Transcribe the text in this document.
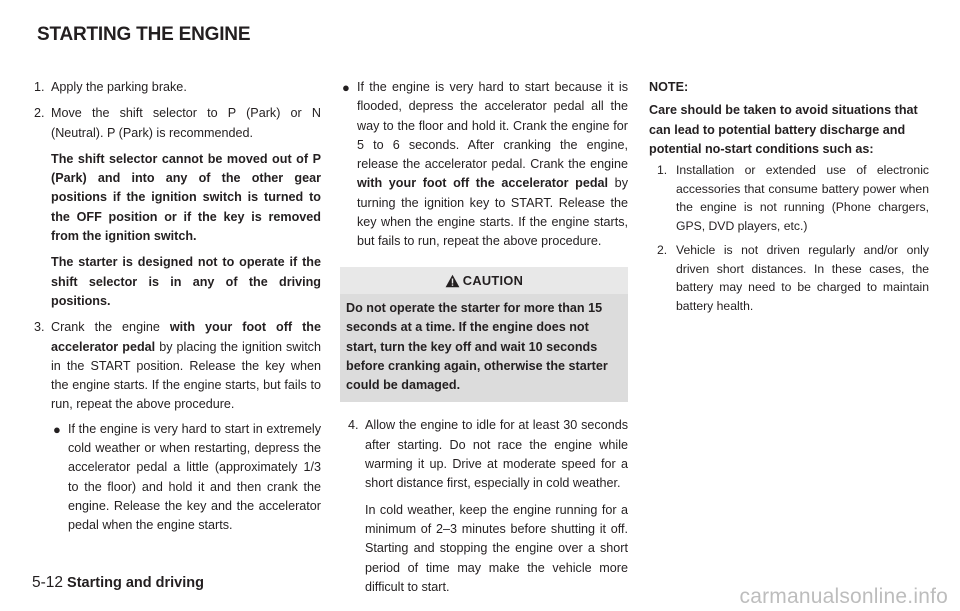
STARTING THE ENGINE
1. Apply the parking brake.
2. Move the shift selector to P (Park) or N (Neutral). P (Park) is recommended.
The shift selector cannot be moved out of P (Park) and into any of the other gear positions if the ignition switch is turned to the OFF position or if the key is removed from the ignition switch.
The starter is designed not to operate if the shift selector is in any of the driving positions.
3. Crank the engine with your foot off the accelerator pedal by placing the ignition switch in the START position. Release the key when the engine starts. If the engine starts, but fails to run, repeat the above procedure.
● If the engine is very hard to start in extremely cold weather or when restarting, depress the accelerator pedal a little (approximately 1/3 to the floor) and hold it and then crank the engine. Release the key and the accelerator pedal when the engine starts.
● If the engine is very hard to start because it is flooded, depress the accelerator pedal all the way to the floor and hold it. Crank the engine for 5 to 6 seconds. After cranking the engine, release the accelerator pedal. Crank the engine with your foot off the accelerator pedal by turning the ignition key to START. Release the key when the engine starts. If the engine starts, but fails to run, repeat the above procedure.
CAUTION
Do not operate the starter for more than 15 seconds at a time. If the engine does not start, turn the key off and wait 10 seconds before cranking again, otherwise the starter could be damaged.
4. Allow the engine to idle for at least 30 seconds after starting. Do not race the engine while warming it up. Drive at moderate speed for a short distance first, especially in cold weather.
In cold weather, keep the engine running for a minimum of 2–3 minutes before shutting it off. Starting and stopping the engine over a short period of time may make the vehicle more difficult to start.
NOTE:
Care should be taken to avoid situations that can lead to potential battery discharge and potential no-start conditions such as:
1. Installation or extended use of electronic accessories that consume battery power when the engine is not running (Phone chargers, GPS, DVD players, etc.)
2. Vehicle is not driven regularly and/or only driven short distances. In these cases, the battery may need to be charged to maintain battery health.
5-12 Starting and driving
carmanualsonline.info
